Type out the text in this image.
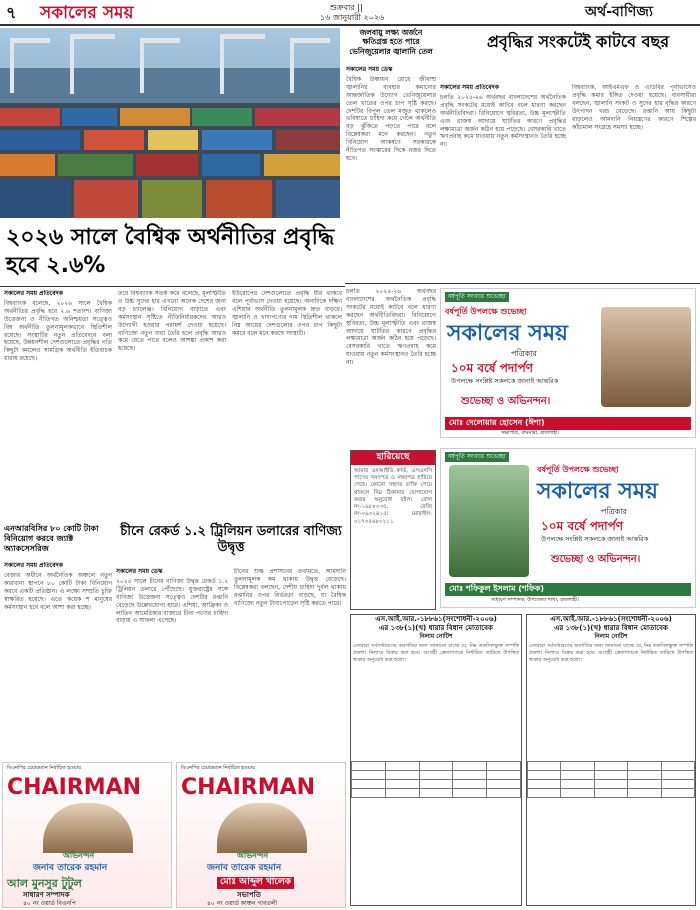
৭ সকালের সময়	শুক্রবার ||
১৬ জানুয়ারী ২০২৬	অর্থ-বাণিজ্য
২০২৬ সালে বৈশ্বিক অর্থনীতির প্রবৃদ্ধি হবে ২.৬%

সকালের সময় প্রতিবেদক

বিশ্বব্যাংক বলেছে, ২০২৬ সালে বৈশ্বিক অর্থনীতির প্রবৃদ্ধি হবে ২.৬ শতাংশ। বাণিজ্য উত্তেজনা ও নীতিগত অনিশ্চয়তা সত্ত্বেও বিশ্ব অর্থনীতি তুলনামূলকভাবে স্থিতিশীল রয়েছে। সংস্থাটির নতুন প্রতিবেদনে বলা হয়েছে, উন্নয়নশীল দেশগুলোতে প্রবৃদ্ধির গতি কিছুটা কমলেও সামগ্রিক অর্থনীতি ইতিবাচক ধারায় রয়েছে।

তবে বিশ্বব্যাংক সতর্ক করে বলেছে, মূল্যস্ফীতি ও উচ্চ সুদের হার এখনো অনেক দেশের জন্য বড় চ্যালেঞ্জ। বিনিয়োগ বাড়াতে এবং কর্মসংস্থান সৃষ্টিতে নীতিনির্ধারকদের আরও উদ্যোগী হওয়ার পরামর্শ দেওয়া হয়েছে। বাণিজ্যে নতুন বাধা তৈরি হলে প্রবৃদ্ধি আরও কমে যেতে পারে বলেও আশঙ্কা প্রকাশ করা হয়েছে।

ইউরোপের দেশগুলোতে প্রবৃদ্ধি ধীর থাকবে বলে পূর্বাভাস দেওয়া হয়েছে। অন্যদিকে দক্ষিণ এশিয়ার অর্থনীতি তুলনামূলক দ্রুত বাড়বে। জ্বালানি ও খাদ্যপণ্যের দাম স্থিতিশীল থাকলে নিম্ন আয়ের দেশগুলোর ওপর চাপ কিছুটা কমবে বলে মনে করছে সংস্থাটি।

জলবায়ু লক্ষ্য অর্জনে ক্ষতিগ্রস্ত হতে পারে ভেনিজুয়েলার জ্বালানি তেল

সকালের সময় ডেস্ক

বৈশ্বিক উষ্ণায়ন রোধে জীবাশ্ম জ্বালানির ব্যবহার কমানোর আন্তর্জাতিক উদ্যোগ ভেনিজুয়েলার তেল খাতের ওপর চাপ সৃষ্টি করছে। দেশটির বিপুল তেল মজুত থাকলেও ভবিষ্যতে চাহিদা কমে গেলে অর্থনীতি বড় ঝুঁকিতে পড়তে পারে বলে বিশ্লেষকরা মনে করছেন। নতুন বিনিয়োগ আকর্ষণে সরকারকে নীতিগত সংস্কারের দিকে নজর দিতে হবে।

প্রবৃদ্ধির সংকটেই কাটবে বছর

সকালের সময় প্রতিবেদক

চলতি ২০২৫-২৬ অর্থবছর বাংলাদেশের অর্থনৈতিক প্রবৃদ্ধি সংকটের মধ্যেই কাটবে বলে ধারণা করছেন অর্থনীতিবিদরা। বিনিয়োগে স্থবিরতা, উচ্চ মূল্যস্ফীতি এবং রাজস্ব আদায়ে ঘাটতির কারণে প্রবৃদ্ধির লক্ষ্যমাত্রা অর্জন কঠিন হয়ে পড়েছে। বেসরকারি খাতে ঋণপ্রবাহ কমে যাওয়ায় নতুন কর্মসংস্থানও তৈরি হচ্ছে না।

বিশ্বব্যাংক, আইএমএফ ও এডিবির পূর্বাভাসেও প্রবৃদ্ধি কমার ইঙ্গিত দেওয়া হয়েছে। ব্যবসায়ীরা বলছেন, জ্বালানি সংকট ও সুদের হার বৃদ্ধির কারণে উৎপাদন খরচ বেড়েছে। রপ্তানি আয় কিছুটা বাড়লেও আমদানি নিয়ন্ত্রণের কারণে শিল্পের কাঁচামাল সংগ্রহে সমস্যা হচ্ছে।

বর্ষপূর্তি সংখ্যার শুভেচ্ছা
বর্ষপূর্তি উপলক্ষে শুভেচ্ছা
সকালের সময়
পত্রিকার
১০ম বর্ষে পদার্পণ
উপলক্ষে সংশ্লিষ্ট সকলকে জানাই আন্তরিক
শুভেচ্ছা ও অভিনন্দন।
মোঃ দেলোয়ার হোসেন (ঈশা)
সভাপতি, বাঘমারা, রাজশাহী।

চলতি ২০২৫-২৬ অর্থবছর বাংলাদেশের অর্থনৈতিক প্রবৃদ্ধি সংকটের মধ্যেই কাটবে বলে ধারণা করছেন অর্থনীতিবিদরা। বিনিয়োগে স্থবিরতা, উচ্চ মূল্যস্ফীতি এবং রাজস্ব আদায়ে ঘাটতির কারণে প্রবৃদ্ধির লক্ষ্যমাত্রা অর্জন কঠিন হয়ে পড়েছে। বেসরকারি খাতে ঋণপ্রবাহ কমে যাওয়ায় নতুন কর্মসংস্থানও তৈরি হচ্ছে না।

এনআরবিসির ৮০ কোটি টাকা বিনিয়োগ করবে জ্যাক্ট অ্যাকসেসরিজ

সকালের সময় প্রতিবেদক

বেজার অধীনে অর্থনৈতিক অঞ্চলে নতুন কারখানা স্থাপনে ৮০ কোটি টাকা বিনিয়োগ করবে একটি প্রতিষ্ঠান। এ লক্ষ্যে সম্প্রতি চুক্তি স্বাক্ষরিত হয়েছে। এতে কয়েক শ মানুষের কর্মসংস্থান হবে বলে আশা করা হচ্ছে।

চীনে রেকর্ড ১.২ ট্রিলিয়ন ডলারের বাণিজ্য উদ্বৃত্ত

সকালের সময় ডেস্ক

২০২৫ সালে চীনের বাণিজ্য উদ্বৃত্ত রেকর্ড ১.২ ট্রিলিয়ন ডলারে পৌঁছেছে। যুক্তরাষ্ট্রের সঙ্গে বাণিজ্য উত্তেজনা সত্ত্বেও দেশটির রপ্তানি বেড়েছে উল্লেখযোগ্য হারে। এশিয়া, আফ্রিকা ও লাতিন আমেরিকার বাজারে চীনা পণ্যের চাহিদা বাড়ায় এ সাফল্য এসেছে।

চীনের শুল্ক প্রশাসনের তথ্যমতে, আমদানি তুলনামূলক কম থাকায় উদ্বৃত্ত বেড়েছে। বিশ্লেষকরা বলছেন, দেশীয় চাহিদা দুর্বল থাকায় রপ্তানির ওপর নির্ভরতা বাড়ছে, যা বৈশ্বিক বাণিজ্যে নতুন টানাপোড়েন সৃষ্টি করতে পারে।

হারিয়েছে
আমার এনআইডি কার্ড, এসএসসি পাসের সনদপত্র ও নম্বরপত্র হারিয়ে গেছে। কোনো সহৃদয় ব্যক্তি পেয়ে থাকলে নিম্ন ঠিকানায় যোগাযোগ করার অনুরোধ রইল। রোল নং-১৯৮৮০৩৫, রেজি নং-০৯৩২৪১৫। মোবাইল: ০১৭৩৫৬৮০২১১
বর্ষপূর্তি সংখ্যার শুভেচ্ছা
বর্ষপূর্তি উপলক্ষে শুভেচ্ছা
সকালের সময়
পত্রিকার
১০ম বর্ষে পদার্পণ
উপলক্ষে সংশ্লিষ্ট সকলকে জানাই আন্তরিক
শুভেচ্ছা ও অভিনন্দন।
মোঃ শফিকুল ইসলাম (শফিক)
সাধারণ সম্পাদক, উপজেলা শাখা, রাজশাহী।
এস.আই.আর.-১৮৮৬১(সংশোধনী-২০০৬)
এর ১৩৮(১)(খ) ধারার বিধান মোতাবেক
নিলাম নোটিশ
এতদ্বারা সর্বসাধারণের অবগতির জন্য জানানো যাচ্ছে যে, নিম্ন তফসিলভুক্ত সম্পত্তি প্রকাশ্য নিলামে বিক্রয় করা হবে। আগ্রহী ক্রেতাগণকে নির্ধারিত তারিখে উপস্থিত থাকার অনুরোধ করা হলো।

এস.আই.আর.-১৮৮৬১(সংশোধনী-২০০৬)
এর ১৩৮(১)(খ) ধারার বিধান মোতাবেক
নিলাম নোটিশ
এতদ্বারা সর্বসাধারণের অবগতির জন্য জানানো যাচ্ছে যে, নিম্ন তফসিলভুক্ত সম্পত্তি প্রকাশ্য নিলামে বিক্রয় করা হবে। আগ্রহী ক্রেতাগণকে নির্ধারিত তারিখে উপস্থিত থাকার অনুরোধ করা হলো।

বিএনপির চেয়ারম্যান নির্বাচিত হওয়ায়
CHAIRMAN
অভিনন্দন
জনাব তারেক রহমান
আল মুনসুর টুটুল
সাধারণ সম্পাদক
৪০ নং ওয়ার্ড বিএনপি
বিএনপির চেয়ারম্যান নির্বাচিত হওয়ায়
CHAIRMAN
অভিনন্দন
জনাব তারেক রহমান
মোঃ আব্দুল খালেক
সভাপতি
৪০ নং ওয়ার্ড কাঞ্চন গাবতলী
